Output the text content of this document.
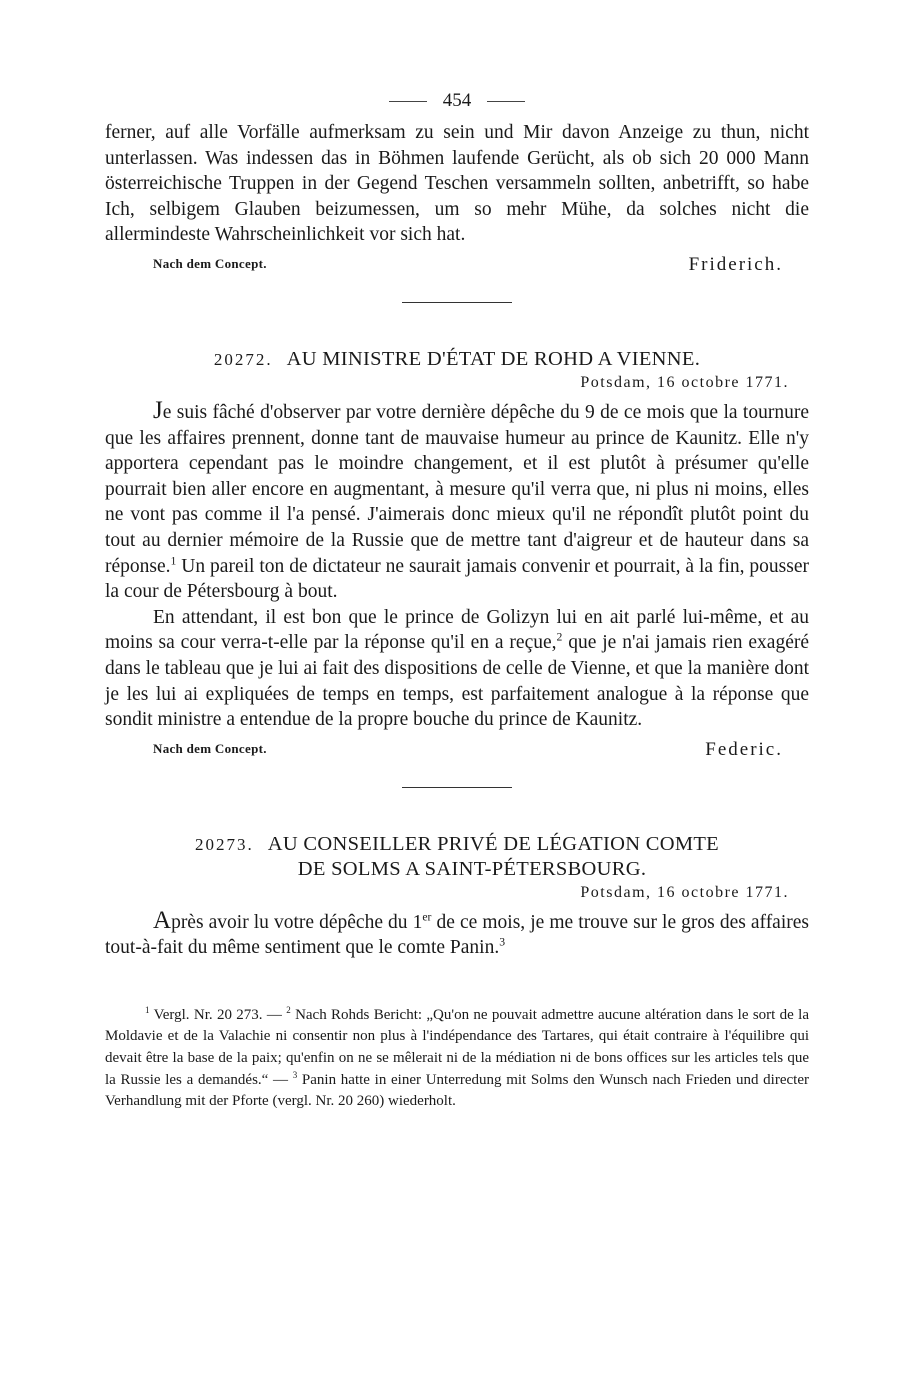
454

ferner, auf alle Vorfälle aufmerksam zu sein und Mir davon Anzeige zu thun, nicht unterlassen. Was indessen das in Böhmen laufende Gerücht, als ob sich 20 000 Mann österreichische Truppen in der Gegend Teschen versammeln sollten, anbetrifft, so habe Ich, selbigem Glauben beizumessen, um so mehr Mühe, da solches nicht die allermindeste Wahrscheinlichkeit vor sich hat.

Nach dem Concept.	Friderich.
20272. AU MINISTRE D'ÉTAT DE ROHD A VIENNE.
Potsdam, 16 octobre 1771.

Je suis fâché d'observer par votre dernière dépêche du 9 de ce mois que la tournure que les affaires prennent, donne tant de mauvaise humeur au prince de Kaunitz. Elle n'y apportera cependant pas le moindre changement, et il est plutôt à présumer qu'elle pourrait bien aller encore en augmentant, à mesure qu'il verra que, ni plus ni moins, elles ne vont pas comme il l'a pensé. J'aimerais donc mieux qu'il ne répondît plutôt point du tout au dernier mémoire de la Russie que de mettre tant d'aigreur et de hauteur dans sa réponse.$^1$ Un pareil ton de dictateur ne saurait jamais convenir et pourrait, à la fin, pousser la cour de Pétersbourg à bout.

En attendant, il est bon que le prince de Golizyn lui en ait parlé lui-même, et au moins sa cour verra-t-elle par la réponse qu'il en a reçue,$^2$ que je n'ai jamais rien exagéré dans le tableau que je lui ai fait des dispositions de celle de Vienne, et que la manière dont je les lui ai expliquées de temps en temps, est parfaitement analogue à la réponse que sondit ministre a entendue de la propre bouche du prince de Kaunitz.

Nach dem Concept.	Federic.
20273. AU CONSEILLER PRIVÉ DE LÉGATION COMTE
DE SOLMS A SAINT-PÉTERSBOURG.
Potsdam, 16 octobre 1771.

Après avoir lu votre dépêche du 1er de ce mois, je me trouve sur le gros des affaires tout-à-fait du même sentiment que le comte Panin.$^3$

$^1$ Vergl. Nr. 20 273. — $^2$ Nach Rohds Bericht: „Qu'on ne pouvait admettre aucune altération dans le sort de la Moldavie et de la Valachie ni consentir non plus à l'indépendance des Tartares, qui était contraire à l'équilibre qui devait être la base de la paix; qu'enfin on ne se mêlerait ni de la médiation ni de bons offices sur les articles tels que la Russie les a demandés.“ — $^3$ Panin hatte in einer Unterredung mit Solms den Wunsch nach Frieden und directer Verhandlung mit der Pforte (vergl. Nr. 20 260) wiederholt.
